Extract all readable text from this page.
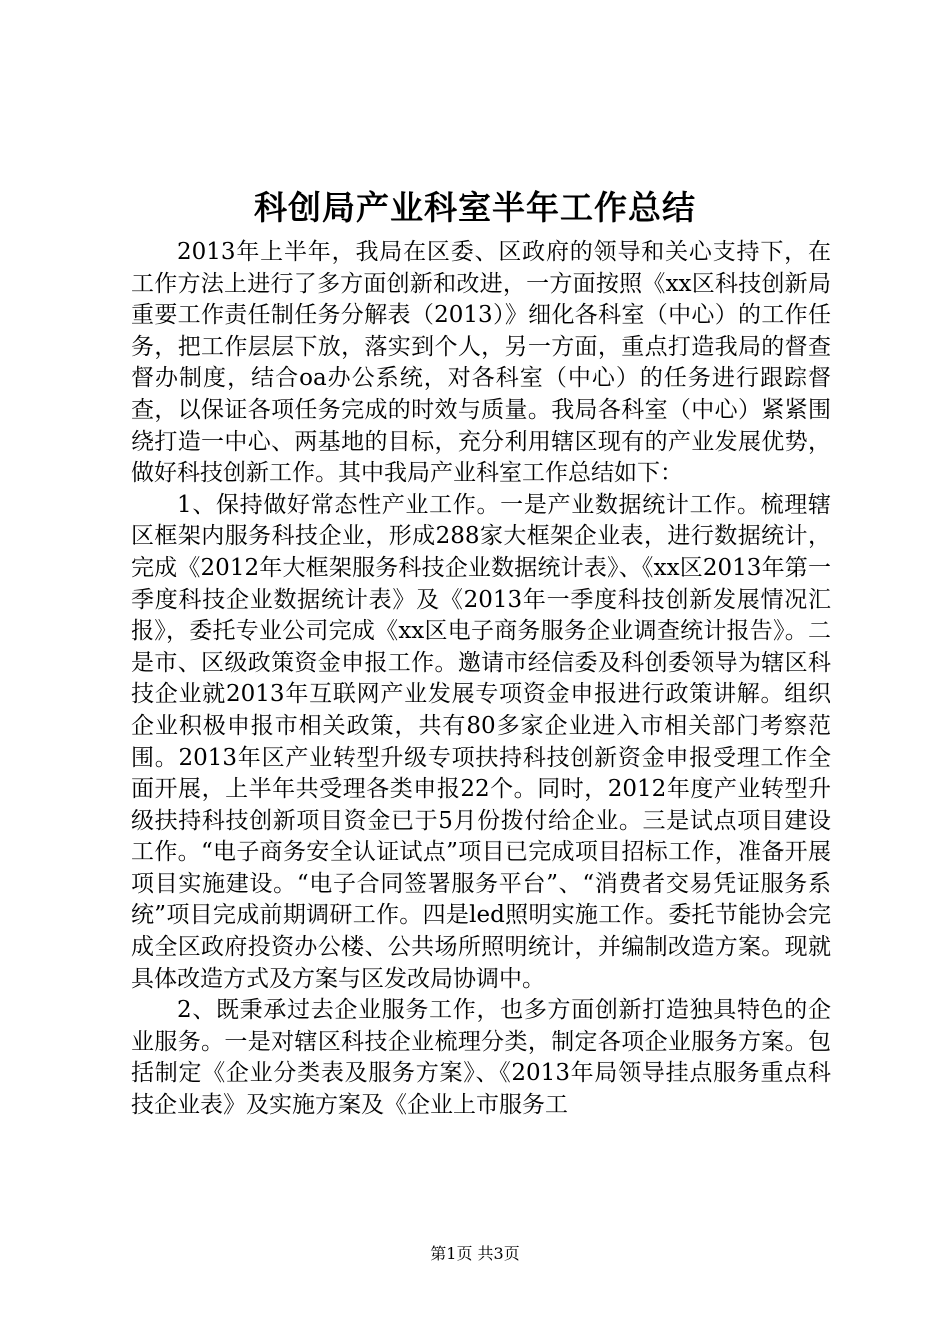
科创局产业科室半年工作总结

2013年上半年，我局在区委、区政府的领导和关心支持下，在工作方法上进行了多方面创新和改进，一方面按照《xx区科技创新局重要工作责任制任务分解表（2013）》细化各科室（中心）的工作任务，把工作层层下放，落实到个人，另一方面，重点打造我局的督查督办制度，结合oa办公系统，对各科室（中心）的任务进行跟踪督查，以保证各项任务完成的时效与质量。我局各科室（中心）紧紧围绕打造一中心、两基地的目标，充分利用辖区现有的产业发展优势，做好科技创新工作。其中我局产业科室工作总结如下：

1、保持做好常态性产业工作。一是产业数据统计工作。梳理辖区框架内服务科技企业，形成288家大框架企业表，进行数据统计，完成《2012年大框架服务科技企业数据统计表》、《xx区2013年第一季度科技企业数据统计表》及《2013年一季度科技创新发展情况汇报》，委托专业公司完成《xx区电子商务服务企业调查统计报告》。二是市、区级政策资金申报工作。邀请市经信委及科创委领导为辖区科技企业就2013年互联网产业发展专项资金申报进行政策讲解。组织企业积极申报市相关政策，共有80多家企业进入市相关部门考察范围。2013年区产业转型升级专项扶持科技创新资金申报受理工作全面开展，上半年共受理各类申报22个。同时，2012年度产业转型升级扶持科技创新项目资金已于5月份拨付给企业。三是试点项目建设工作。“电子商务安全认证试点”项目已完成项目招标工作，准备开展项目实施建设。“电子合同签署服务平台”、“消费者交易凭证服务系统”项目完成前期调研工作。四是led照明实施工作。委托节能协会完成全区政府投资办公楼、公共场所照明统计，并编制改造方案。现就具体改造方式及方案与区发改局协调中。

2、既秉承过去企业服务工作，也多方面创新打造独具特色的企业服务。一是对辖区科技企业梳理分类，制定各项企业服务方案。包括制定《企业分类表及服务方案》、《2013年局领导挂点服务重点科技企业表》及实施方案及《企业上市服务工

第1页 共3页
